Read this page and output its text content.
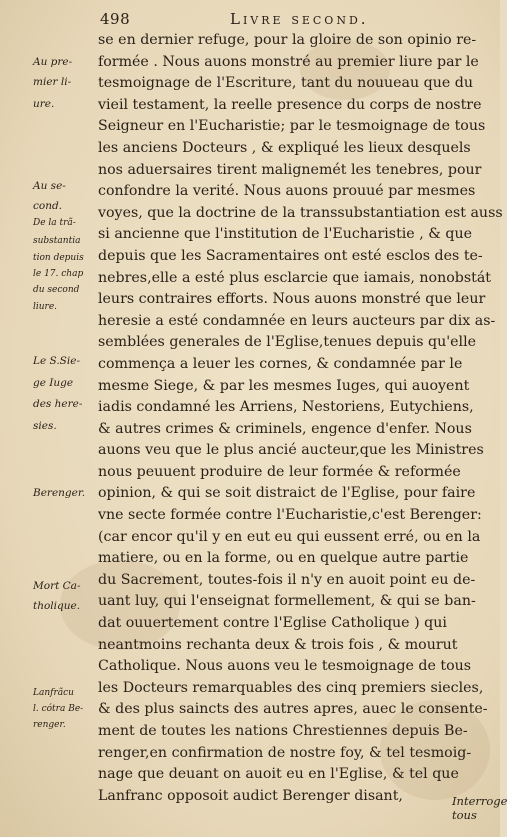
498	Livre second.
Au pre-
mier li-
ure.
Au se-
cond.
De la trã-
substantia
tion depuis
le 17. chap
du second
liure.
Le S.Sie-
ge Iuge
des here-
sies.
Berenger.
Mort Ca-
tholique.
Lanfrãcu
l. cótra Be-
renger.
se en dernier refuge, pour la gloire de son opinio re-
formée . Nous auons monstré au premier liure par le
tesmoignage de l'Escriture, tant du nouueau que du
vieil testament, la reelle presence du corps de nostre
Seigneur en l'Eucharistie; par le tesmoignage de tous
les anciens Docteurs , & expliqué les lieux desquels
nos aduersaires tirent malignemét les tenebres, pour
confondre la verité. Nous auons prouué par mesmes
voyes, que la doctrine de la transsubstantiation est auss
si ancienne que l'institution de l'Eucharistie , & que
depuis que les Sacramentaires ont esté esclos des te-
nebres,elle a esté plus esclarcie que iamais, nonobstát
leurs contraires efforts. Nous auons monstré que leur
heresie a esté condamnée en leurs aucteurs par dix as-
semblées generales de l'Eglise,tenues depuis qu'elle
commença a leuer les cornes, & condamnée par le
mesme Siege, & par les mesmes Iuges, qui auoyent
iadis condamné les Arriens, Nestoriens, Eutychiens,
& autres crimes & criminels, engence d'enfer. Nous
auons veu que le plus ancié aucteur,que les Ministres
nous peuuent produire de leur formée & reformée
opinion, & qui se soit distraict de l'Eglise, pour faire
vne secte formée contre l'Eucharistie,c'est Berenger:
(car encor qu'il y en eut eu qui eussent erré, ou en la
matiere, ou en la forme, ou en quelque autre partie
du Sacrement, toutes-fois il n'y en auoit point eu de-
uant luy, qui l'enseignat formellement, & qui se ban-
dat ouuertement contre l'Eglise Catholique ) qui
neantmoins rechanta deux & trois fois , & mourut
Catholique. Nous auons veu le tesmoignage de tous
les Docteurs remarquables des cinq premiers siecles,
& des plus saincts des autres apres, auec le consente-
ment de toutes les nations Chrestiennes depuis Be-
renger,en confirmation de nostre foy, & tel tesmoig-
nage que deuant on auoit eu en l'Eglise, & tel que
Lanfranc opposoit audict Berenger disant,	Interroge tous
